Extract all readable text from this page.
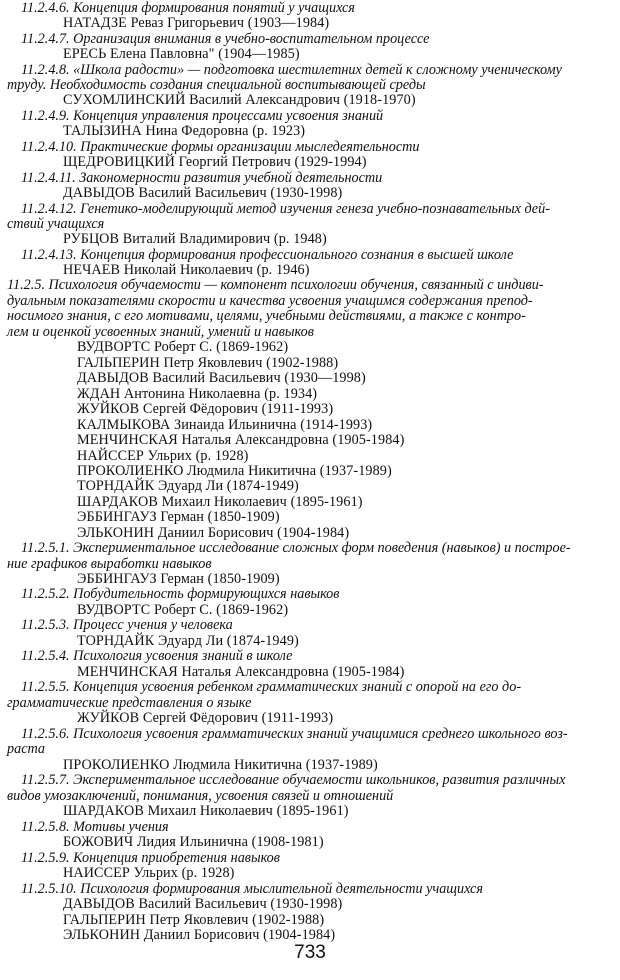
11.2.4.6. Концепция формирования понятий у учащихся
НАТАДЗЕ Реваз Григорьевич (1903—1984)
11.2.4.7. Организация внимания в учебно-воспитательном процессе
ЕРЕСЬ Елена Павловна" (1904—1985)
11.2.4.8. «Школа радости» — подготовка шестилетних детей к сложному ученическому
труду. Необходимость создания специальной воспитывающей среды
СУХОМЛИНСКИЙ Василий Александрович (1918-1970)
11.2.4.9. Концепция управления процессами усвоения знаний
ТАЛЫЗИНА Нина Федоровна (р. 1923)
11.2.4.10. Практические формы организации мыследеятельности
ЩЕДРОВИЦКИЙ Георгий Петрович (1929-1994)
11.2.4.11. Закономерности развития учебной деятельности
ДАВЫДОВ Василий Васильевич (1930-1998)
11.2.4.12. Генетико-моделирующий метод изучения генеза учебно-познавательных дей-
ствий учащихся
РУБЦОВ Виталий Владимирович (р. 1948)
11.2.4.13. Концепция формирования профессионального сознания в высшей школе
НЕЧАЕВ Николай Николаевич (р. 1946)
11.2.5. Психология обучаемости — компонент психологии обучения, связанный с индиви-
дуальным показателями скорости и качества усвоения учащимся содержания препод-
носимого знания, с его мотивами, целями, учебными действиями, а также с контро-
лем и оценкой усвоенных знаний, умений и навыков
ВУДВОРТС Роберт С. (1869-1962)
ГАЛЬПЕРИН Петр Яковлевич (1902-1988)
ДАВЫДОВ Василий Васильевич (1930—1998)
ЖДАН Антонина Николаевна (р. 1934)
ЖУЙКОВ Сергей Фёдорович (1911-1993)
КАЛМЫКОВА Зинаида Ильинична (1914-1993)
МЕНЧИНСКАЯ Наталья Александровна (1905-1984)
НАЙССЕР Ульрих (р. 1928)
ПРОКОЛИЕНКО Людмила Никитична (1937-1989)
ТОРНДАЙК Эдуард Ли (1874-1949)
ШАРДАКОВ Михаил Николаевич (1895-1961)
ЭББИНГАУЗ Герман (1850-1909)
ЭЛЬКОНИН Даниил Борисович (1904-1984)
11.2.5.1. Экспериментальное исследование сложных форм поведения (навыков) и построе-
ние графиков выработки навыков
ЭББИНГАУЗ Герман (1850-1909)
11.2.5.2. Побудительность формирующихся навыков
ВУДВОРТС Роберт С. (1869-1962)
11.2.5.3. Процесс учения у человека
ТОРНДАЙК Эдуард Ли (1874-1949)
11.2.5.4. Психология усвоения знаний в школе
МЕНЧИНСКАЯ Наталья Александровна (1905-1984)
11.2.5.5. Концепция усвоения ребенком грамматических знаний с опорой на его до-
грамматические представления о языке
ЖУЙКОВ Сергей Фёдорович (1911-1993)
11.2.5.6. Психология усвоения грамматических знаний учащимися среднего школьного воз-
раста
ПРОКОЛИЕНКО Людмила Никитична (1937-1989)
11.2.5.7. Экспериментальное исследование обучаемости школьников, развития различных
видов умозаключений, понимания, усвоения связей и отношений
ШАРДАКОВ Михаил Николаевич (1895-1961)
11.2.5.8. Мотивы учения
БОЖОВИЧ Лидия Ильинична (1908-1981)
11.2.5.9. Концепция приобретения навыков
НАИССЕР Ульрих (р. 1928)
11.2.5.10. Психология формирования мыслительной деятельности учащихся
ДАВЫДОВ Василий Васильевич (1930-1998)
ГАЛЬПЕРИН Петр Яковлевич (1902-1988)
ЭЛЬКОНИН Даниил Борисович (1904-1984)
733
